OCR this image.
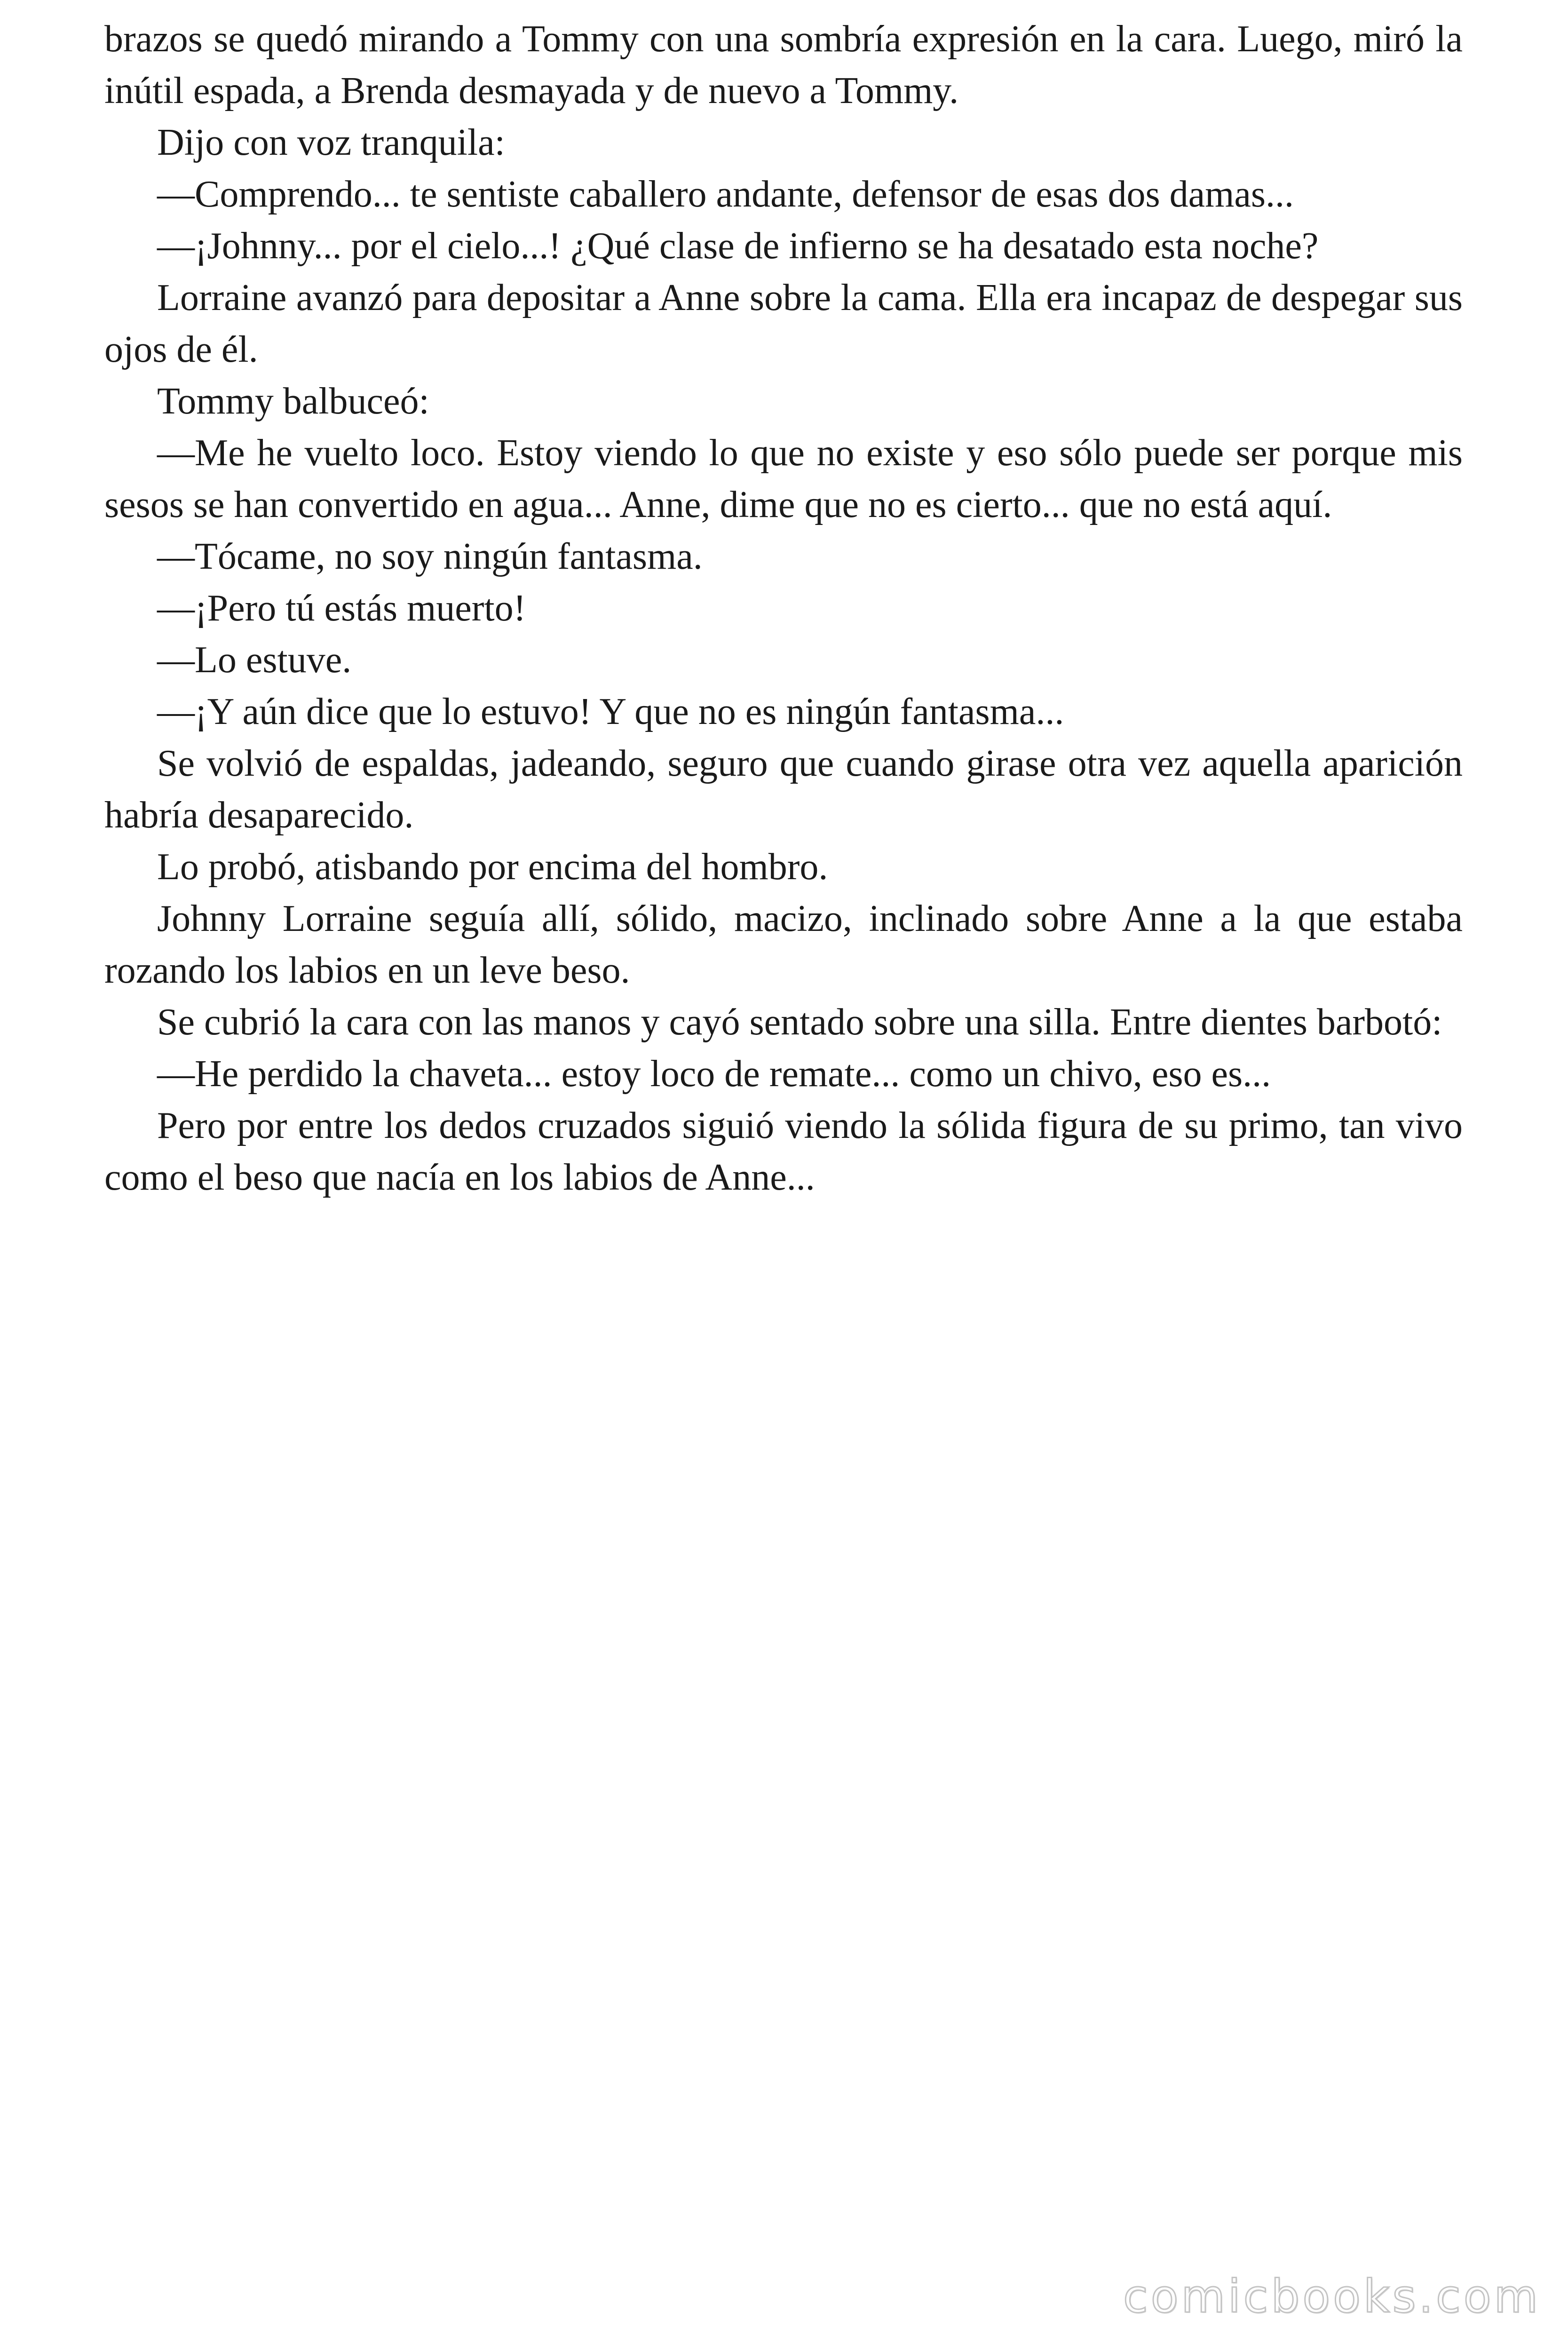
brazos se quedó mirando a Tommy con una sombría expresión en la cara. Luego, miró la inútil espada, a Brenda desmayada y de nuevo a Tommy.

Dijo con voz tranquila:

—Comprendo... te sentiste caballero andante, defensor de esas dos damas...

—¡Johnny... por el cielo...! ¿Qué clase de infierno se ha desatado esta noche?

Lorraine avanzó para depositar a Anne sobre la cama. Ella era incapaz de despegar sus ojos de él.

Tommy balbuceó:

—Me he vuelto loco. Estoy viendo lo que no existe y eso sólo puede ser porque mis sesos se han convertido en agua... Anne, dime que no es cierto... que no está aquí.

—Tócame, no soy ningún fantasma.

—¡Pero tú estás muerto!

—Lo estuve.

—¡Y aún dice que lo estuvo! Y que no es ningún fantasma...

Se volvió de espaldas, jadeando, seguro que cuando girase otra vez aquella aparición habría desaparecido.

Lo probó, atisbando por encima del hombro.

Johnny Lorraine seguía allí, sólido, macizo, inclinado sobre Anne a la que estaba rozando los labios en un leve beso.

Se cubrió la cara con las manos y cayó sentado sobre una silla. Entre dientes barbotó:

—He perdido la chaveta... estoy loco de remate... como un chivo, eso es...

Pero por entre los dedos cruzados siguió viendo la sólida figura de su primo, tan vivo como el beso que nacía en los labios de Anne...

comicbooks.com
